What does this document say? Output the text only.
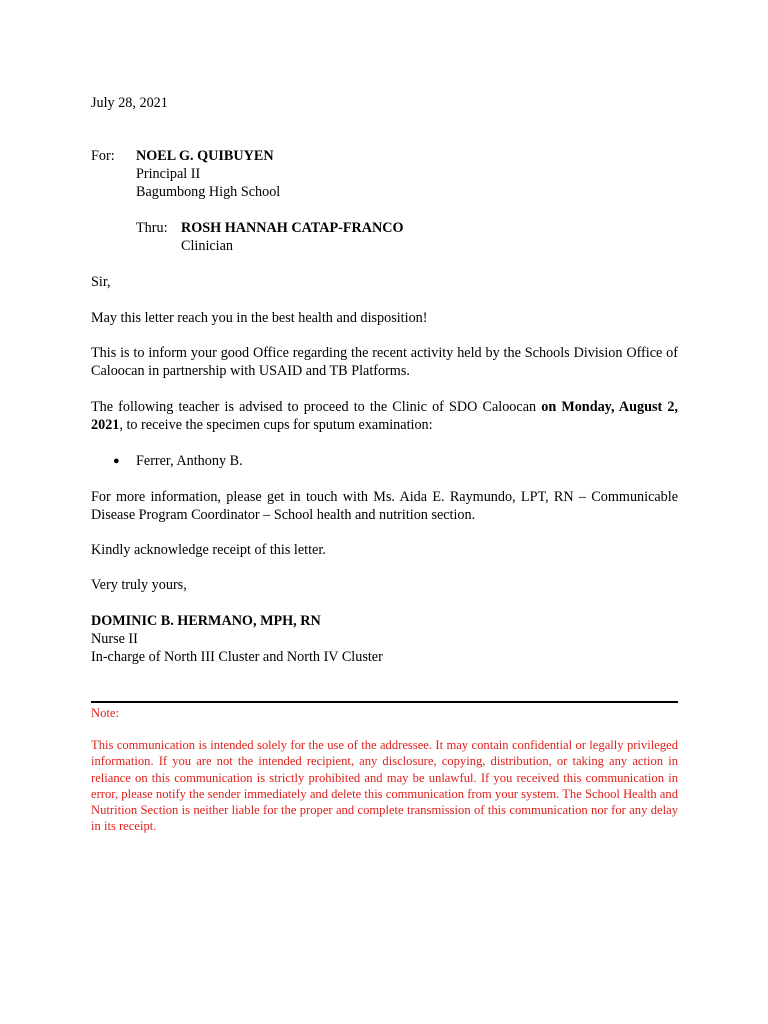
July 28, 2021
For: NOEL G. QUIBUYEN
Principal II
Bagumbong High School
Thru: ROSH HANNAH CATAP-FRANCO
Clinician
Sir,
May this letter reach you in the best health and disposition!
This is to inform your good Office regarding the recent activity held by the Schools Division Office of Caloocan in partnership with USAID and TB Platforms.
The following teacher is advised to proceed to the Clinic of SDO Caloocan on Monday, August 2, 2021, to receive the specimen cups for sputum examination:
● Ferrer, Anthony B.
For more information, please get in touch with Ms. Aida E. Raymundo, LPT, RN – Communicable Disease Program Coordinator – School health and nutrition section.
Kindly acknowledge receipt of this letter.
Very truly yours,
DOMINIC B. HERMANO, MPH, RN
Nurse II
In-charge of North III Cluster and North IV Cluster
Note:
This communication is intended solely for the use of the addressee. It may contain confidential or legally privileged information. If you are not the intended recipient, any disclosure, copying, distribution, or taking any action in reliance on this communication is strictly prohibited and may be unlawful. If you received this communication in error, please notify the sender immediately and delete this communication from your system. The School Health and Nutrition Section is neither liable for the proper and complete transmission of this communication nor for any delay in its receipt.
